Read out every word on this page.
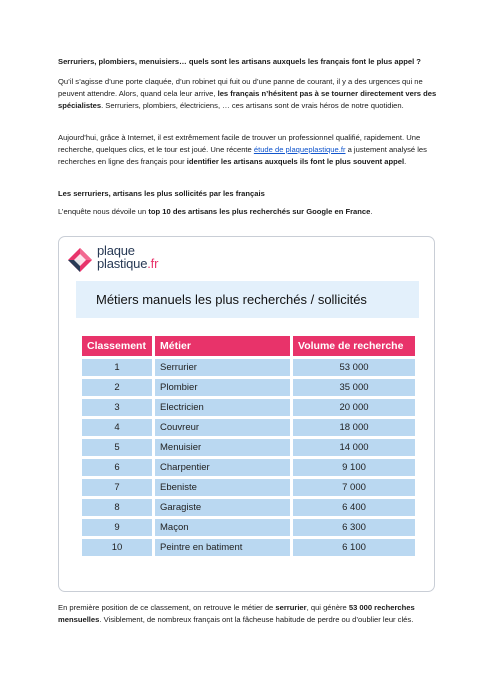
Serruriers, plombiers, menuisiers… quels sont les artisans auxquels les français font le plus appel ?

Qu’il s’agisse d’une porte claquée, d’un robinet qui fuit ou d’une panne de courant, il y a des urgences qui ne peuvent attendre. Alors, quand cela leur arrive, les français n’hésitent pas à se tourner directement vers des spécialistes. Serruriers, plombiers, électriciens, … ces artisans sont de vrais héros de notre quotidien.

Aujourd’hui, grâce à Internet, il est extrêmement facile de trouver un professionnel qualifié, rapidement. Une recherche, quelques clics, et le tour est joué. Une récente étude de plaqueplastique.fr a justement analysé les recherches en ligne des français pour identifier les artisans auxquels ils font le plus souvent appel.

Les serruriers, artisans les plus sollicités par les français

L’enquête nous dévoile un top 10 des artisans les plus recherchés sur Google en France.

En première position de ce classement, on retrouve le métier de serrurier, qui génère 53 000 recherches mensuelles. Visiblement, de nombreux français ont la fâcheuse habitude de perdre ou d’oublier leur clés.

plaque
plastique.fr
Métiers manuels les plus recherchés / sollicités
Classement	Métier	Volume de recherche
1	Serrurier	53 000
2	Plombier	35 000
3	Electricien	20 000
4	Couvreur	18 000
5	Menuisier	14 000
6	Charpentier	9 100
7	Ebeniste	7 000
8	Garagiste	6 400
9	Maçon	6 300
10	Peintre en batiment	6 100
